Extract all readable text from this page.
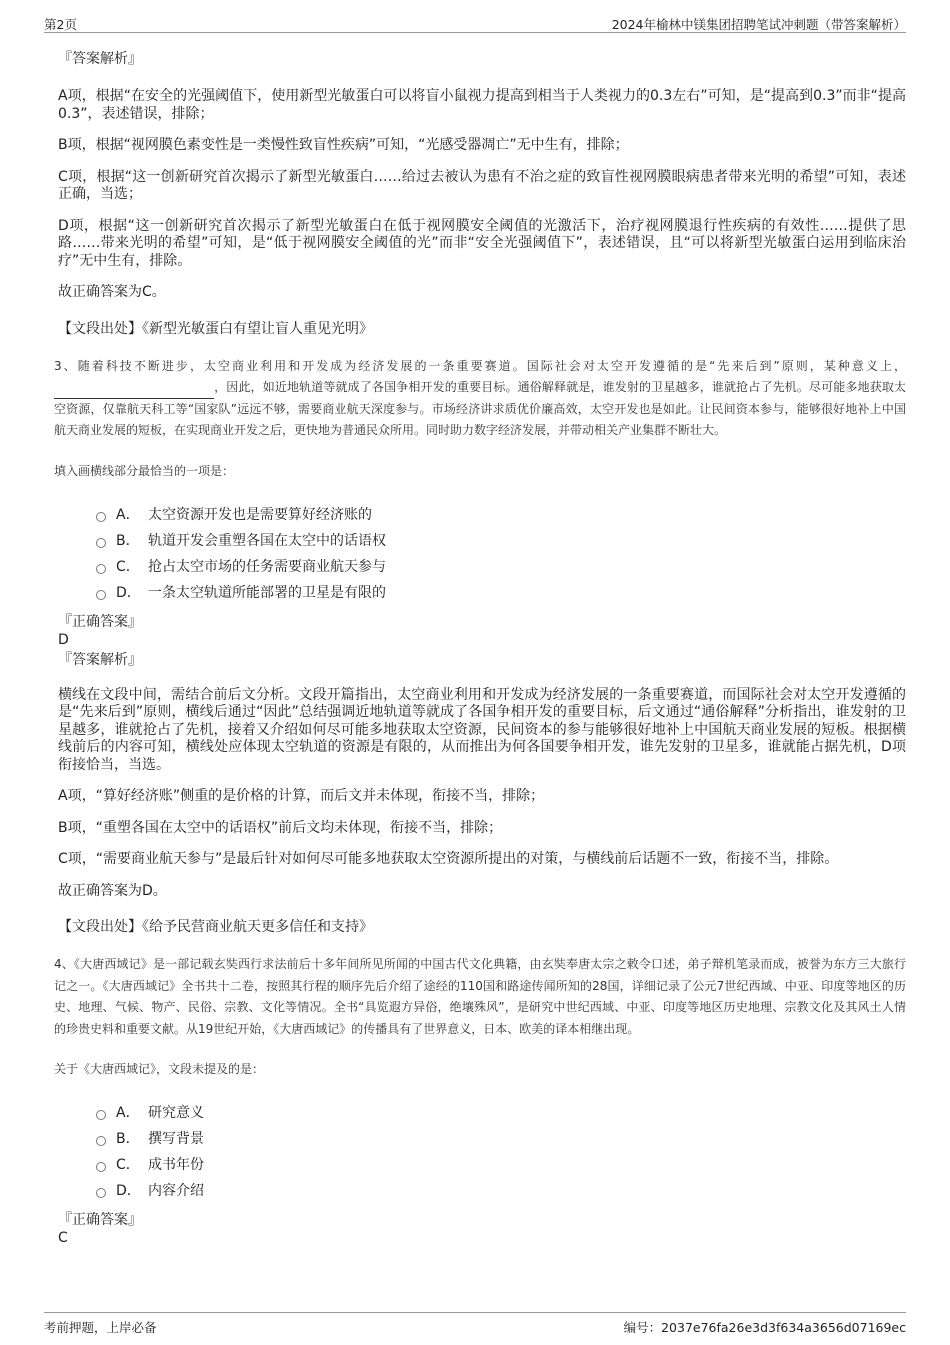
第2页	2024年榆林中镁集团招聘笔试冲刺题（带答案解析）
『答案解析』
A项，根据“在安全的光强阈值下，使用新型光敏蛋白可以将盲小鼠视力提高到相当于人类视力的0.3左右”可知，是“提高到0.3”而非“提高0.3”，表述错误，排除；
B项，根据“视网膜色素变性是一类慢性致盲性疾病”可知，“光感受器凋亡”无中生有，排除；
C项，根据“这一创新研究首次揭示了新型光敏蛋白……给过去被认为患有不治之症的致盲性视网膜眼病患者带来光明的希望”可知，表述正确，当选；
D项，根据“这一创新研究首次揭示了新型光敏蛋白在低于视网膜安全阈值的光激活下，治疗视网膜退行性疾病的有效性……提供了思路……带来光明的希望”可知，是“低于视网膜安全阈值的光”而非“安全光强阈值下”，表述错误，且“可以将新型光敏蛋白运用到临床治疗”无中生有，排除。
故正确答案为C。
【文段出处】《新型光敏蛋白有望让盲人重见光明》
3、随着科技不断进步，太空商业利用和开发成为经济发展的一条重要赛道。国际社会对太空开发遵循的是“先来后到”原则，某种意义上，，因此，如近地轨道等就成了各国争相开发的重要目标。通俗解释就是，谁发射的卫星越多，谁就抢占了先机。尽可能多地获取太空资源，仅靠航天科工等“国家队”远远不够，需要商业航天深度参与。市场经济讲求质优价廉高效，太空开发也是如此。让民间资本参与，能够很好地补上中国航天商业发展的短板，在实现商业开发之后，更快地为普通民众所用。同时助力数字经济发展，并带动相关产业集群不断壮大。
填入画横线部分最恰当的一项是：
A． 太空资源开发也是需要算好经济账的
B． 轨道开发会重塑各国在太空中的话语权
C． 抢占太空市场的任务需要商业航天参与
D． 一条太空轨道所能部署的卫星是有限的
『正确答案』
D
『答案解析』
横线在文段中间，需结合前后文分析。文段开篇指出，太空商业利用和开发成为经济发展的一条重要赛道，而国际社会对太空开发遵循的是“先来后到”原则，横线后通过“因此”总结强调近地轨道等就成了各国争相开发的重要目标，后文通过“通俗解释”分析指出，谁发射的卫星越多，谁就抢占了先机，接着又介绍如何尽可能多地获取太空资源，民间资本的参与能够很好地补上中国航天商业发展的短板。根据横线前后的内容可知，横线处应体现太空轨道的资源是有限的，从而推出为何各国要争相开发，谁先发射的卫星多，谁就能占据先机，D项衔接恰当，当选。
A项，“算好经济账”侧重的是价格的计算，而后文并未体现，衔接不当，排除；
B项，“重塑各国在太空中的话语权”前后文均未体现，衔接不当，排除；
C项，“需要商业航天参与”是最后针对如何尽可能多地获取太空资源所提出的对策，与横线前后话题不一致，衔接不当，排除。
故正确答案为D。
【文段出处】《给予民营商业航天更多信任和支持》
4、《大唐西域记》是一部记载玄奘西行求法前后十多年间所见所闻的中国古代文化典籍，由玄奘奉唐太宗之敕令口述，弟子辩机笔录而成，被誉为东方三大旅行记之一。《大唐西域记》全书共十二卷，按照其行程的顺序先后介绍了途经的110国和路途传闻所知的28国，详细记录了公元7世纪西域、中亚、印度等地区的历史、地理、气候、物产、民俗、宗教、文化等情况。全书“具览遐方异俗，绝壤殊风”，是研究中世纪西域、中亚、印度等地区历史地理、宗教文化及其风土人情的珍贵史料和重要文献。从19世纪开始，《大唐西域记》的传播具有了世界意义，日本、欧美的译本相继出现。
关于《大唐西域记》，文段未提及的是：
A． 研究意义
B． 撰写背景
C． 成书年份
D． 内容介绍
『正确答案』
C
考前押题，上岸必备	编号：2037e76fa26e3d3f634a3656d07169ec
